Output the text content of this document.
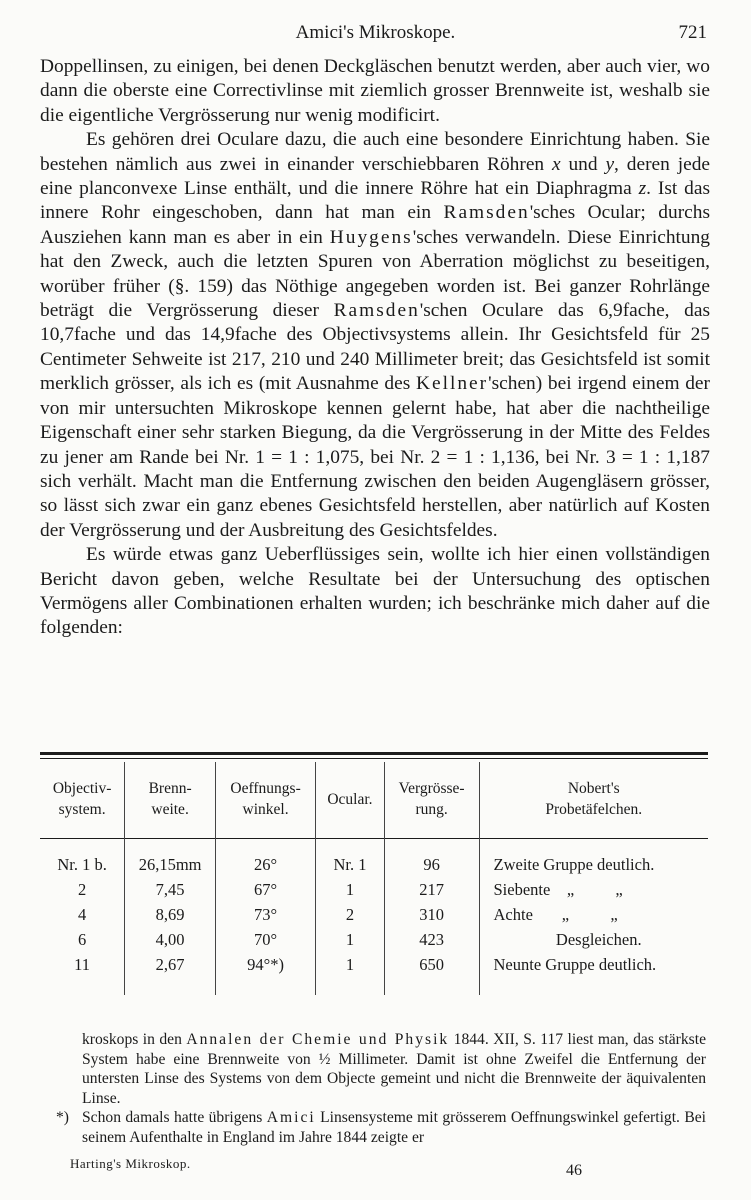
Amici's Mikroskope.	721

Doppellinsen, zu einigen, bei denen Deckgläschen benutzt werden, aber auch vier, wo dann die oberste eine Correctivlinse mit ziemlich grosser Brennweite ist, weshalb sie die eigentliche Vergrösserung nur wenig modificirt.

Es gehören drei Oculare dazu, die auch eine besondere Einrichtung haben. Sie bestehen nämlich aus zwei in einander verschiebbaren Röhren x und y, deren jede eine planconvexe Linse enthält, und die innere Röhre hat ein Diaphragma z. Ist das innere Rohr eingeschoben, dann hat man ein Ramsden'sches Ocular; durchs Ausziehen kann man es aber in ein Huygens'sches verwandeln. Diese Einrichtung hat den Zweck, auch die letzten Spuren von Aberration möglichst zu beseitigen, worüber früher (§. 159) das Nöthige angegeben worden ist. Bei ganzer Rohrlänge beträgt die Vergrösserung dieser Ramsden'schen Oculare das 6,9fache, das 10,7fache und das 14,9fache des Objectivsystems allein. Ihr Gesichtsfeld für 25 Centimeter Sehweite ist 217, 210 und 240 Millimeter breit; das Gesichtsfeld ist somit merklich grösser, als ich es (mit Ausnahme des Kellner'schen) bei irgend einem der von mir untersuchten Mikroskope kennen gelernt habe, hat aber die nachtheilige Eigenschaft einer sehr starken Biegung, da die Vergrösserung in der Mitte des Feldes zu jener am Rande bei Nr. 1 = 1 : 1,075, bei Nr. 2 = 1 : 1,136, bei Nr. 3 = 1 : 1,187 sich verhält. Macht man die Entfernung zwischen den beiden Augengläsern grösser, so lässt sich zwar ein ganz ebenes Gesichtsfeld herstellen, aber natürlich auf Kosten der Vergrösserung und der Ausbreitung des Gesichtsfeldes.

Es würde etwas ganz Ueberflüssiges sein, wollte ich hier einen vollständigen Bericht davon geben, welche Resultate bei der Untersuchung des optischen Vermögens aller Combinationen erhalten wurden; ich beschränke mich daher auf die folgenden:

Objectiv-
system.	Brenn-
weite.	Oeffnungs-
winkel.	Ocular.	Vergrösse-
rung.	Nobert's
Probetäfelchen.
Nr. 1 b.	26,15mm	26°	Nr. 1	96	Zweite Gruppe deutlich.
2	7,45	67°	1	217	Siebente    „          „
4	8,69	73°	2	310	Achte       „          „
6	4,00	70°	1	423	Desgleichen.
11	2,67	94°*)	1	650	Neunte Gruppe deutlich.

kroskops in den Annalen der Chemie und Physik 1844. XII, S. 117 liest man, das stärkste System habe eine Brennweite von ½ Millimeter. Damit ist ohne Zweifel die Entfernung der untersten Linse des Systems von dem Objecte gemeint und nicht die Brennweite der äquivalenten Linse.

*) Schon damals hatte übrigens Amici Linsensysteme mit grösserem Oeffnungswinkel gefertigt. Bei seinem Aufenthalte in England im Jahre 1844 zeigte er

Harting's Mikroskop.	46
